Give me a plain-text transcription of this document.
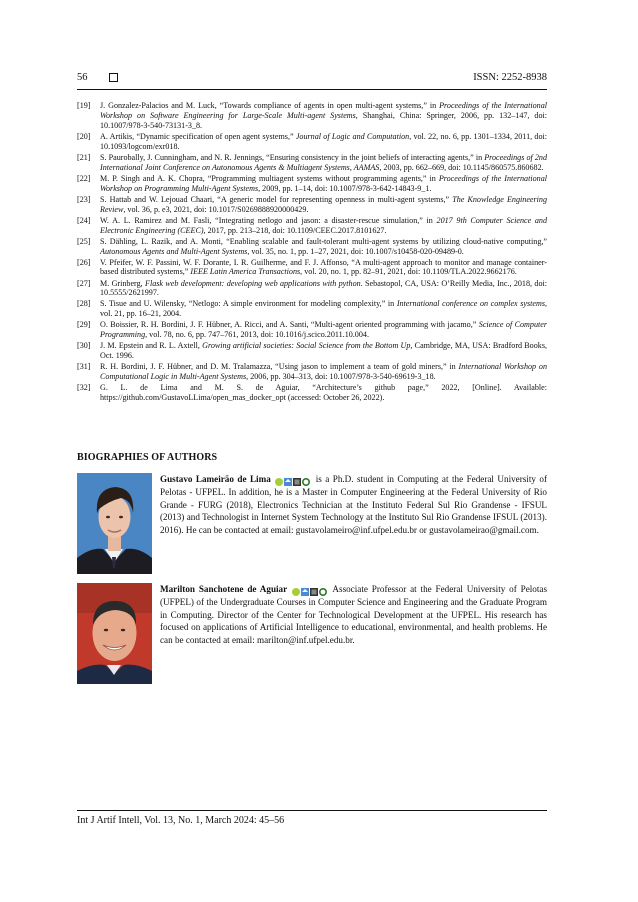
56	ISSN: 2252-8938
[19] J. Gonzalez-Palacios and M. Luck, “Towards compliance of agents in open multi-agent systems,” in Proceedings of the International Workshop on Software Engineering for Large-Scale Multi-agent Systems, Shanghai, China: Springer, 2006, pp. 132–147, doi: 10.1007/978-3-540-73131-3_8.
[20] A. Artikis, “Dynamic specification of open agent systems,” Journal of Logic and Computation, vol. 22, no. 6, pp. 1301–1334, 2011, doi: 10.1093/logcom/exr018.
[21] S. Paurobally, J. Cunningham, and N. R. Jennings, “Ensuring consistency in the joint beliefs of interacting agents,” in Proceedings of 2nd International Joint Conference on Autonomous Agents & Multiagent Systems, AAMAS, 2003, pp. 662–669, doi: 10.1145/860575.860682.
[22] M. P. Singh and A. K. Chopra, “Programming multiagent systems without programming agents,” in Proceedings of the International Workshop on Programming Multi-Agent Systems, 2009, pp. 1–14, doi: 10.1007/978-3-642-14843-9_1.
[23] S. Hattab and W. Lejouad Chaari, “A generic model for representing openness in multi-agent systems,” The Knowledge Engineering Review, vol. 36, p. e3, 2021, doi: 10.1017/S0269888920000429.
[24] W. A. L. Ramirez and M. Fasli, “Integrating netlogo and jason: a disaster-rescue simulation,” in 2017 9th Computer Science and Electronic Engineering (CEEC), 2017, pp. 213–218, doi: 10.1109/CEEC.2017.8101627.
[25] S. Dähling, L. Razik, and A. Monti, “Enabling scalable and fault-tolerant multi-agent systems by utilizing cloud-native computing,” Autonomous Agents and Multi-Agent Systems, vol. 35, no. 1, pp. 1–27, 2021, doi: 10.1007/s10458-020-09489-0.
[26] V. Pfeifer, W. F. Passini, W. F. Dorante, I. R. Guilherme, and F. J. Affonso, “A multi-agent approach to monitor and manage container-based distributed systems,” IEEE Latin America Transactions, vol. 20, no. 1, pp. 82–91, 2021, doi: 10.1109/TLA.2022.9662176.
[27] M. Grinberg, Flask web development: developing web applications with python. Sebastopol, CA, USA: O’Reilly Media, Inc., 2018, doi: 10.5555/2621997.
[28] S. Tisue and U. Wilensky, “Netlogo: A simple environment for modeling complexity,” in International conference on complex systems, vol. 21, pp. 16–21, 2004.
[29] O. Boissier, R. H. Bordini, J. F. Hübner, A. Ricci, and A. Santi, “Multi-agent oriented programming with jacamo,” Science of Computer Programming, vol. 78, no. 6, pp. 747–761, 2013, doi: 10.1016/j.scico.2011.10.004.
[30] J. M. Epstein and R. L. Axtell, Growing artificial societies: Social Science from the Bottom Up, Cambridge, MA, USA: Bradford Books, Oct. 1996.
[31] R. H. Bordini, J. F. Hübner, and D. M. Tralamazza, “Using jason to implement a team of gold miners,” in International Workshop on Computational Logic in Multi-Agent Systems, 2006, pp. 304–313, doi: 10.1007/978-3-540-69619-3_18.
[32] G. L. de Lima and M. S. de Aguiar, “Architecture’s github page,” 2022, [Online]. Available: https://github.com/GustavoLLima/open_mas_docker_opt (accessed: October 26, 2022).
BIOGRAPHIES OF AUTHORS
Gustavo Lameirão de Lima	is a Ph.D. student in Computing at the Federal University of Pelotas - UFPEL. In addition, he is a Master in Computer Engineering at the Federal University of Rio Grande - FURG (2018), Electronics Technician at the Instituto Federal Sul Rio Grandense - IFSUL (2013) and Technologist in Internet System Technology at the Instituto Sul Rio Grandense IFSUL (2013). 2016). He can be contacted at email: gustavolameiro@inf.ufpel.edu.br or gustavolameirao@gmail.com.
Marilton Sanchotene de Aguiar	Associate Professor at the Federal University of Pelotas (UFPEL) of the Undergraduate Courses in Computer Science and Engineering and the Graduate Program in Computing. Director of the Center for Technological Development at the UFPEL. His research has focused on applications of Artificial Intelligence to educational, environmental, and health problems. He can be contacted at email: marilton@inf.ufpel.edu.br.
Int J Artif Intell, Vol. 13, No. 1, March 2024: 45–56
